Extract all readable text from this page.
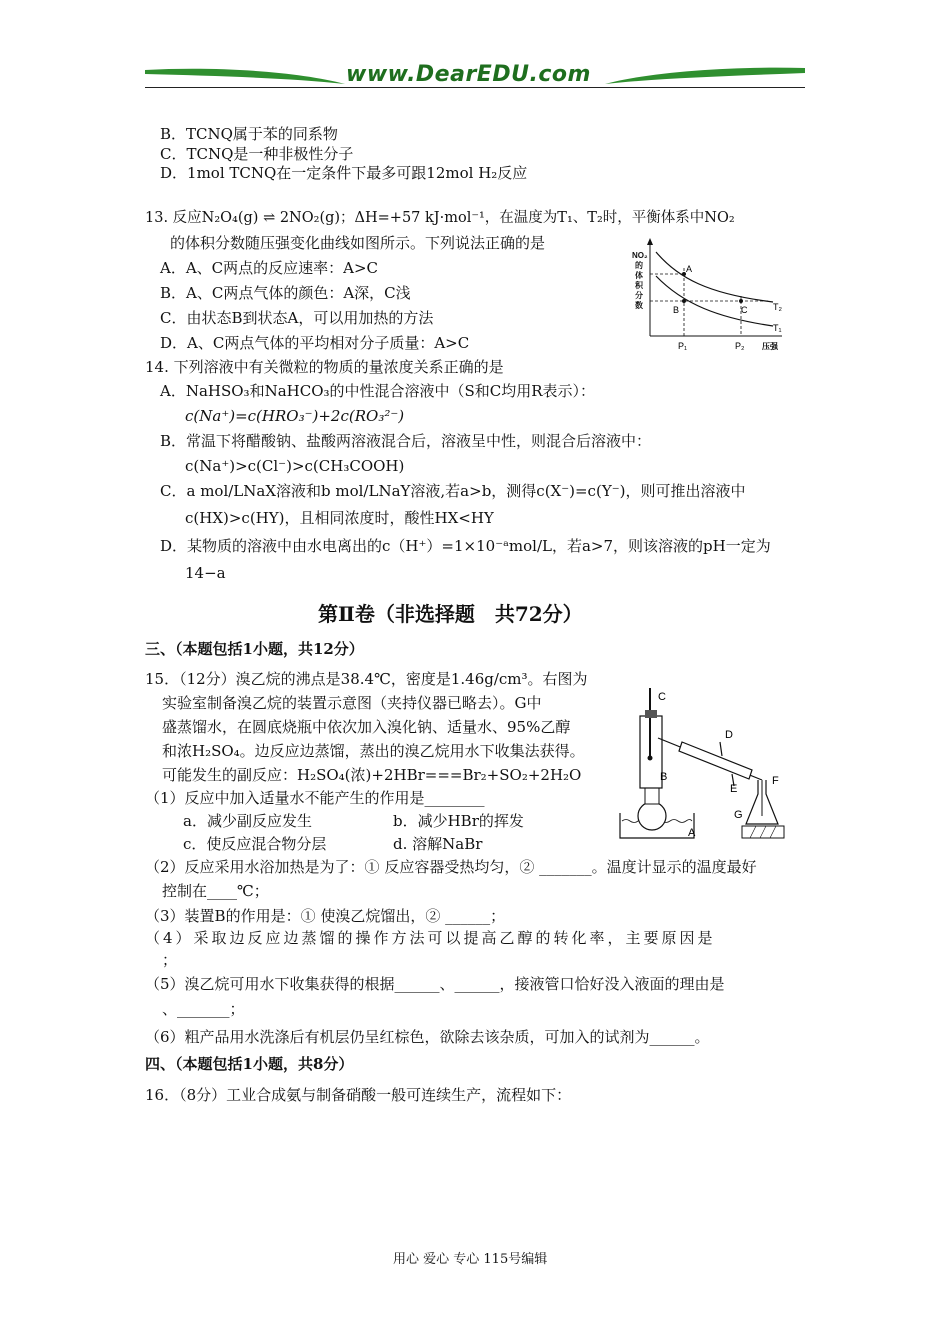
www.DearEDU.com
B．TCNQ属于苯的同系物
C．TCNQ是一种非极性分子
D．1mol TCNQ在一定条件下最多可跟12mol H₂反应
13. 反应N₂O₄(g) ⇌ 2NO₂(g)；ΔH=+57 kJ·mol⁻¹，在温度为T₁、T₂时，平衡体系中NO₂
的体积分数随压强变化曲线如图所示。下列说法正确的是
A．A、C两点的反应速率：A>C
B．A、C两点气体的颜色：A深，C浅
C．由状态B到状态A，可以用加热的方法
D．A、C两点气体的平均相对分子质量：A>C
NO₂
的
体
积
分
数
A
B	C	T₂
T₁
P₁	P₂ 压强
14. 下列溶液中有关微粒的物质的量浓度关系正确的是
A．NaHSO₃和NaHCO₃的中性混合溶液中（S和C均用R表示）：
c(Na⁺)=c(HRO₃⁻)+2c(RO₃²⁻)
B．常温下将醋酸钠、盐酸两溶液混合后，溶液呈中性，则混合后溶液中：
c(Na⁺)>c(Cl⁻)>c(CH₃COOH)
C．a mol/LNaX溶液和b mol/LNaY溶液,若a>b，测得c(X⁻)=c(Y⁻)，则可推出溶液中
c(HX)>c(HY)，且相同浓度时，酸性HX<HY
D．某物质的溶液中由水电离出的c（H⁺）=1×10⁻ᵃmol/L，若a>7，则该溶液的pH一定为
14−a
第Ⅱ卷（非选择题　共72分）
三、（本题包括1小题，共12分）
15．（12分）溴乙烷的沸点是38.4℃，密度是1.46g/cm³。右图为
实验室制备溴乙烷的装置示意图（夹持仪器已略去）。G中
盛蒸馏水，在圆底烧瓶中依次加入溴化钠、适量水、95%乙醇
和浓H₂SO₄。边反应边蒸馏，蒸出的溴乙烷用水下收集法获得。
可能发生的副反应：H₂SO₄(浓)+2HBr===Br₂+SO₂+2H₂O
（1）反应中加入适量水不能产生的作用是________
a．减少副反应发生	b．减少HBr的挥发
c．使反应混合物分层	d. 溶解NaBr
（2）反应采用水浴加热是为了：① 反应容器受热均匀，② _______。温度计显示的温度最好
控制在____℃；
（3）装置B的作用是：① 使溴乙烷馏出，② ______；
（4）采取边反应边蒸馏的操作方法可以提高乙醇的转化率，主要原因是
；
（5）溴乙烷可用水下收集获得的根据______、______，接液管口恰好没入液面的理由是
、_______；
（6）粗产品用水洗涤后有机层仍呈红棕色，欲除去该杂质，可加入的试剂为______。
C
D
B
E
F
G
A
四、（本题包括1小题，共8分）
16．（8分）工业合成氨与制备硝酸一般可连续生产，流程如下：
用心 爱心 专心 115号编辑
